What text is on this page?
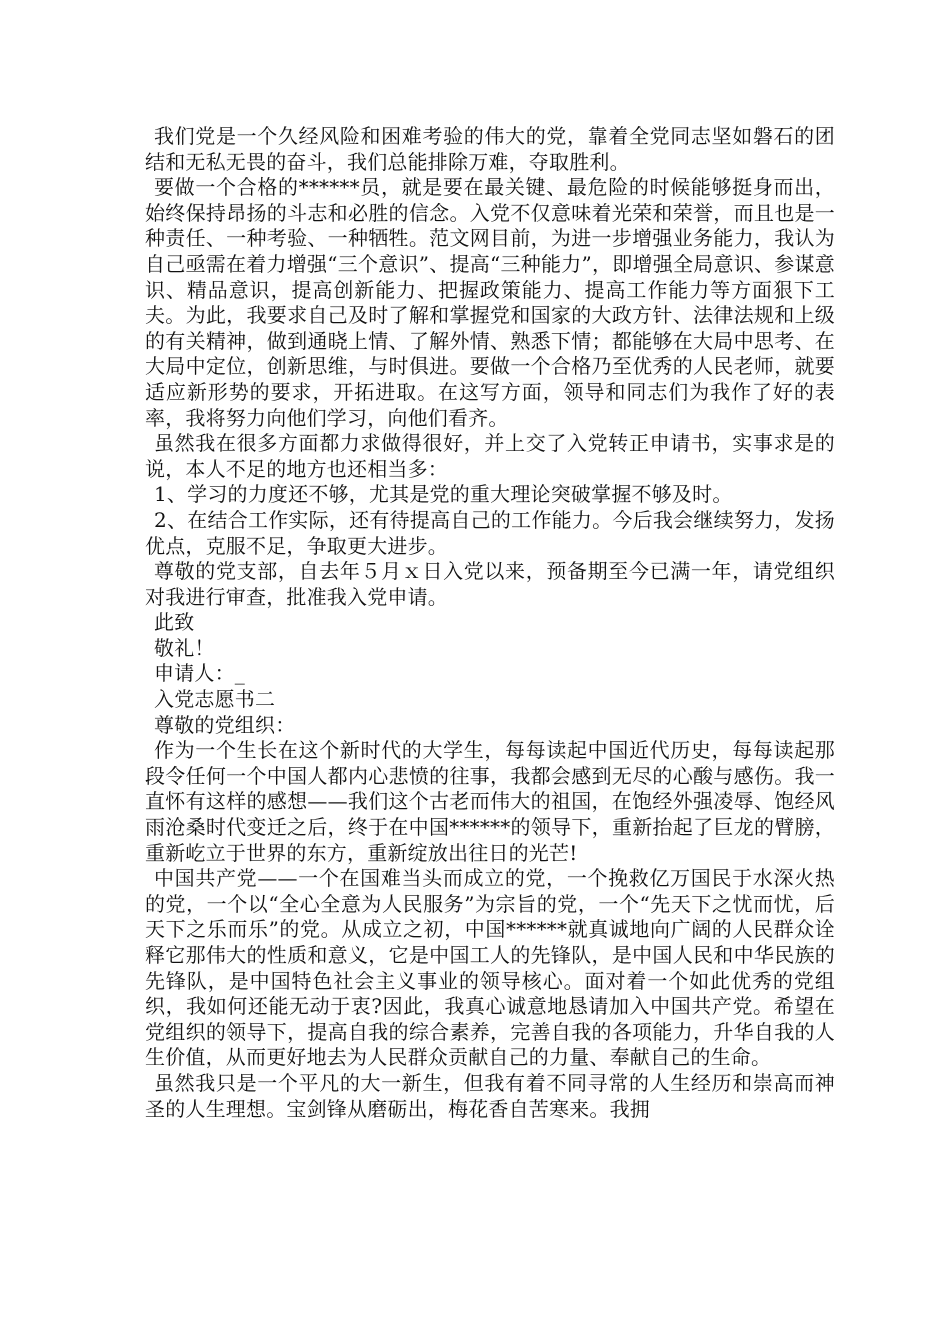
我们党是一个久经风险和困难考验的伟大的党，靠着全党同志坚如磐石的团结和无私无畏的奋斗，我们总能排除万难，夺取胜利。

要做一个合格的******员，就是要在最关键、最危险的时候能够挺身而出，始终保持昂扬的斗志和必胜的信念。入党不仅意味着光荣和荣誉，而且也是一种责任、一种考验、一种牺牲。范文网目前，为进一步增强业务能力，我认为自己亟需在着力增强“三个意识”、提高“三种能力”，即增强全局意识、参谋意识、精品意识，提高创新能力、把握政策能力、提高工作能力等方面狠下工夫。为此，我要求自己及时了解和掌握党和国家的大政方针、法律法规和上级的有关精神，做到通晓上情、了解外情、熟悉下情；都能够在大局中思考、在大局中定位，创新思维，与时俱进。要做一个合格乃至优秀的人民老师，就要适应新形势的要求，开拓进取。在这写方面，领导和同志们为我作了好的表率，我将努力向他们学习，向他们看齐。

虽然我在很多方面都力求做得很好，并上交了入党转正申请书，实事求是的说，本人不足的地方也还相当多：

1、学习的力度还不够，尤其是党的重大理论突破掌握不够及时。

2、在结合工作实际，还有待提高自己的工作能力。今后我会继续努力，发扬优点，克服不足，争取更大进步。

尊敬的党支部，自去年５月ｘ日入党以来，预备期至今已满一年，请党组织对我进行审查，批准我入党申请。

此致

敬礼！

申请人：_

入党志愿书二

尊敬的党组织：

作为一个生长在这个新时代的大学生，每每读起中国近代历史，每每读起那段令任何一个中国人都内心悲愤的往事，我都会感到无尽的心酸与感伤。我一直怀有这样的感想——我们这个古老而伟大的祖国，在饱经外强凌辱、饱经风雨沧桑时代变迁之后，终于在中国******的领导下，重新抬起了巨龙的臂膀，重新屹立于世界的东方，重新绽放出往日的光芒!

中国共产党——一个在国难当头而成立的党，一个挽救亿万国民于水深火热的党，一个以“全心全意为人民服务”为宗旨的党，一个“先天下之忧而忧，后天下之乐而乐”的党。从成立之初，中国******就真诚地向广阔的人民群众诠释它那伟大的性质和意义，它是中国工人的先锋队，是中国人民和中华民族的先锋队，是中国特色社会主义事业的领导核心。面对着一个如此优秀的党组织，我如何还能无动于衷?因此，我真心诚意地恳请加入中国共产党。希望在党组织的领导下，提高自我的综合素养，完善自我的各项能力，升华自我的人生价值，从而更好地去为人民群众贡献自己的力量、奉献自己的生命。

虽然我只是一个平凡的大一新生，但我有着不同寻常的人生经历和崇高而神圣的人生理想。宝剑锋从磨砺出，梅花香自苦寒来。我拥
